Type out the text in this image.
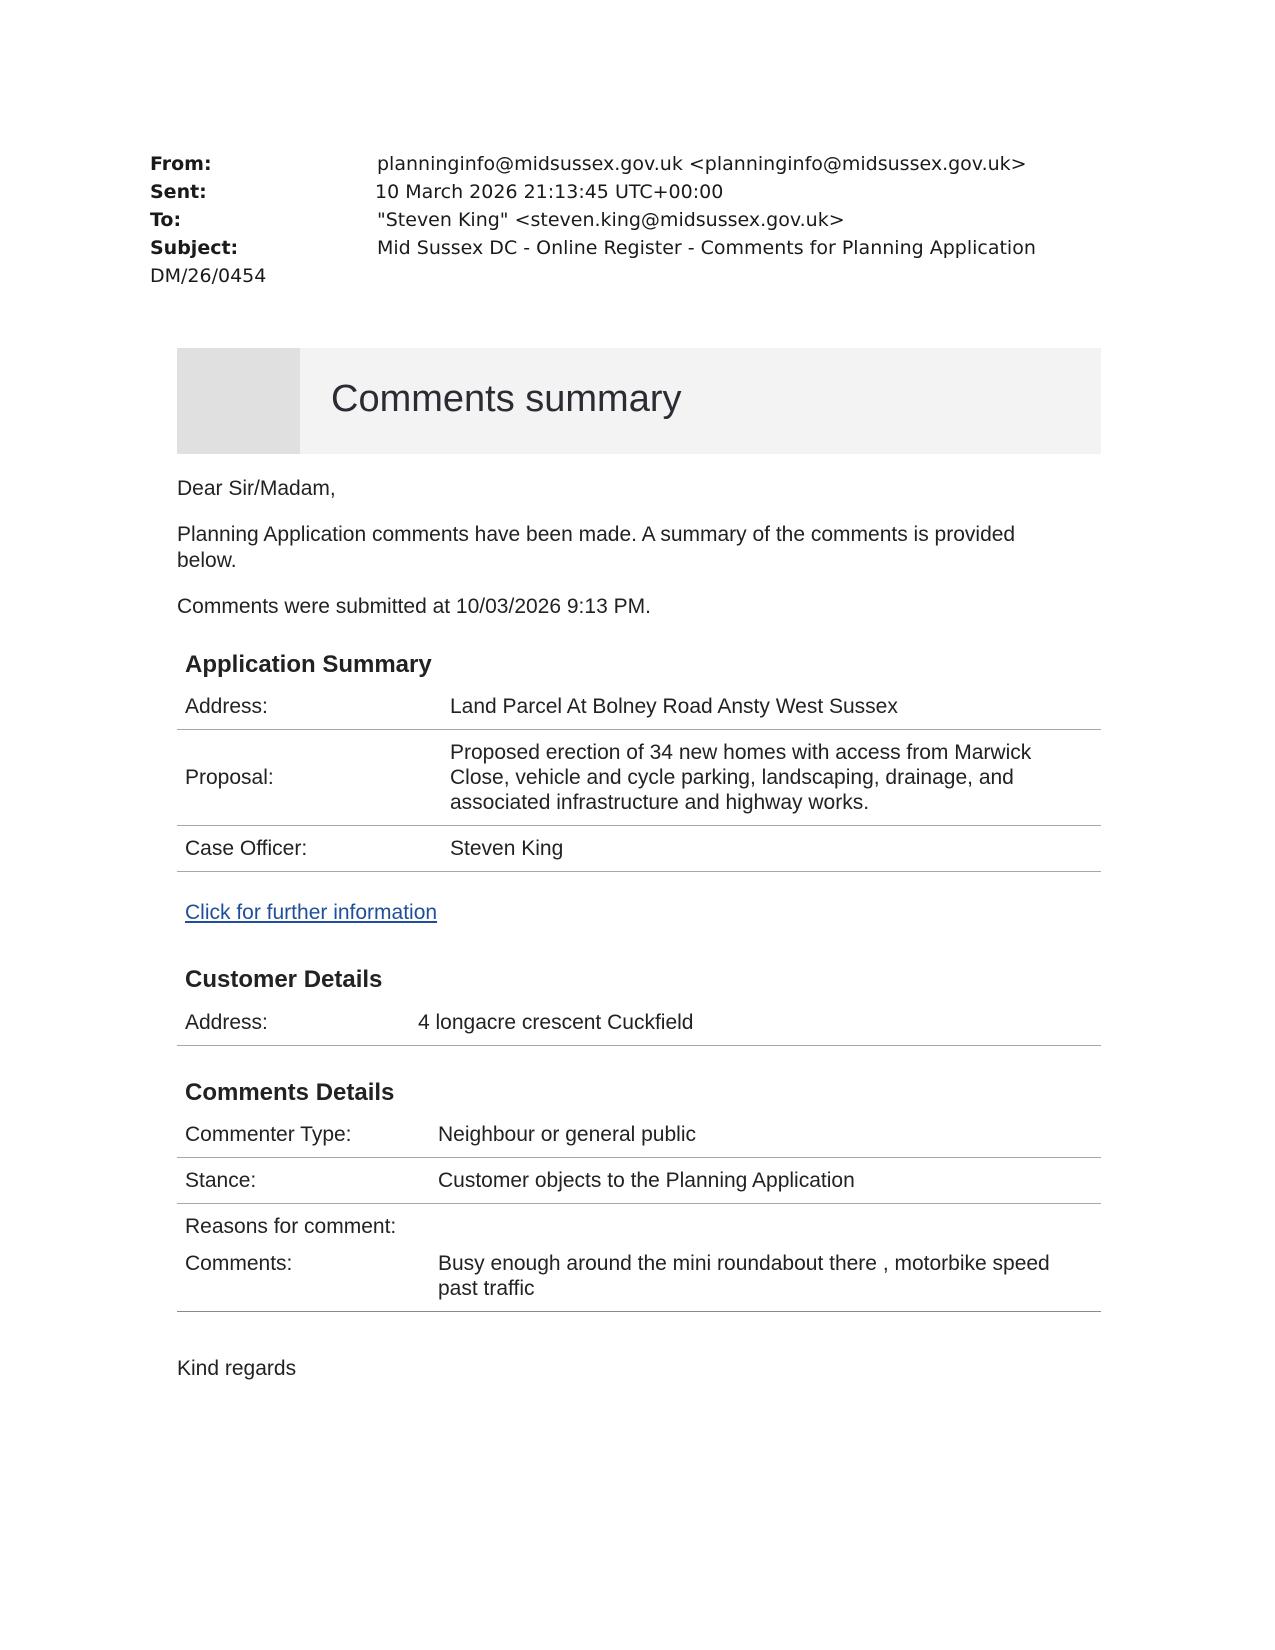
From:	planninginfo@midsussex.gov.uk <planninginfo@midsussex.gov.uk>
Sent:	10 March 2026 21:13:45 UTC+00:00
To:	"Steven King" <steven.king@midsussex.gov.uk>
Subject:	Mid Sussex DC - Online Register - Comments for Planning Application
DM/26/0454
Comments summary
Dear Sir/Madam,
Planning Application comments have been made. A summary of the comments is provided below.
Comments were submitted at 10/03/2026 9:13 PM.
Application Summary
Address:	Land Parcel At Bolney Road Ansty West Sussex
Proposal:	Proposed erection of 34 new homes with access from Marwick Close, vehicle and cycle parking, landscaping, drainage, and associated infrastructure and highway works.
Case Officer:	Steven King
Click for further information
Customer Details
Address:	4 longacre crescent Cuckfield
Comments Details
Commenter Type:	Neighbour or general public
Stance:	Customer objects to the Planning Application
Reasons for comment:	
Comments:	Busy enough around the mini roundabout there , motorbike speed past traffic
Kind regards
